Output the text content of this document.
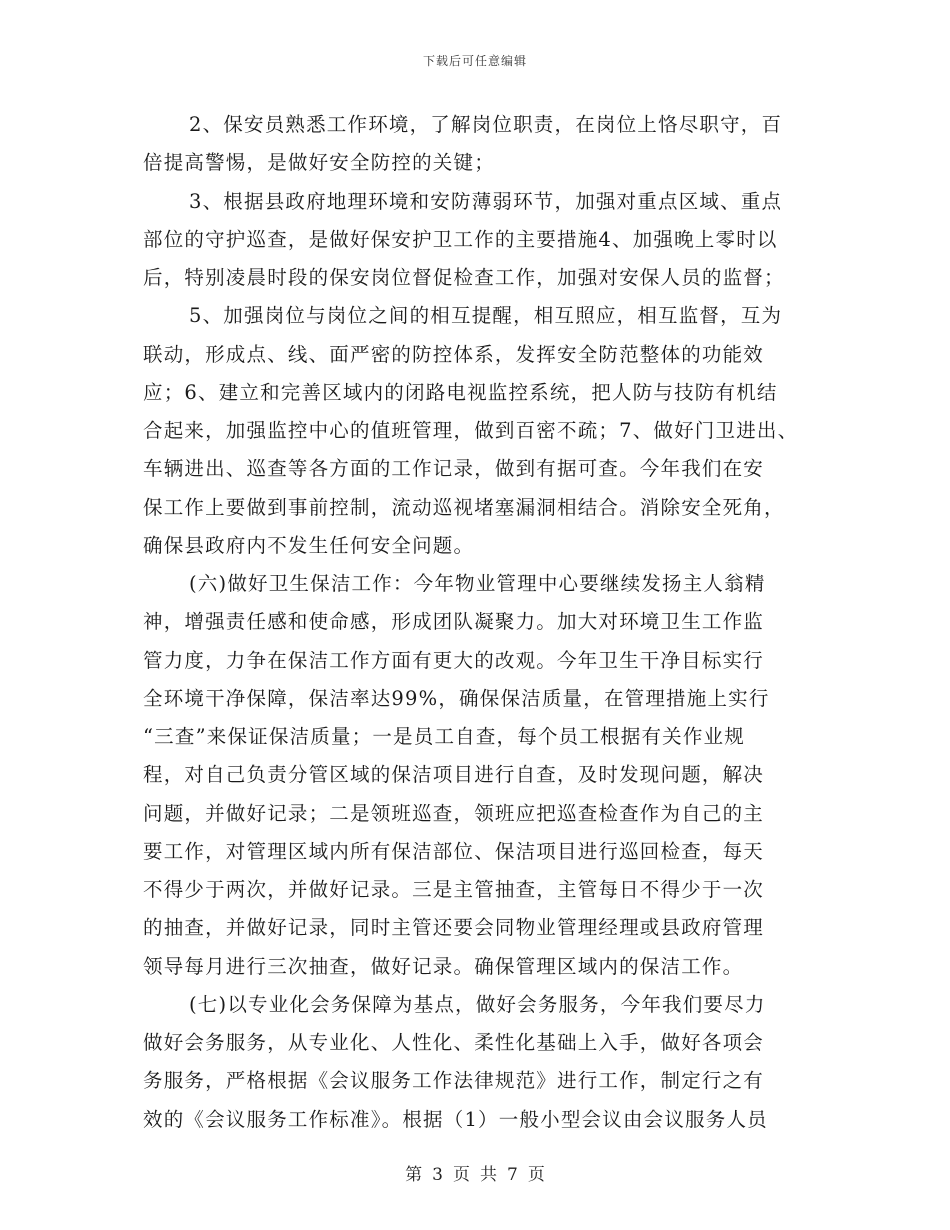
下载后可任意编辑
2、保安员熟悉工作环境，了解岗位职责，在岗位上恪尽职守，百
倍提高警惕，是做好安全防控的关键；
3、根据县政府地理环境和安防薄弱环节，加强对重点区域、重点
部位的守护巡查，是做好保安护卫工作的主要措施4、加强晚上零时以
后，特别凌晨时段的保安岗位督促检查工作，加强对安保人员的监督；
5、加强岗位与岗位之间的相互提醒，相互照应，相互监督，互为
联动，形成点、线、面严密的防控体系，发挥安全防范整体的功能效
应；6、建立和完善区域内的闭路电视监控系统，把人防与技防有机结
合起来，加强监控中心的值班管理，做到百密不疏；7、做好门卫进出、
车辆进出、巡查等各方面的工作记录，做到有据可查。今年我们在安
保工作上要做到事前控制，流动巡视堵塞漏洞相结合。消除安全死角，
确保县政府内不发生任何安全问题。
(六)做好卫生保洁工作：今年物业管理中心要继续发扬主人翁精
神，增强责任感和使命感，形成团队凝聚力。加大对环境卫生工作监
管力度，力争在保洁工作方面有更大的改观。今年卫生干净目标实行
全环境干净保障，保洁率达99%，确保保洁质量，在管理措施上实行
“三查”来保证保洁质量；一是员工自查，每个员工根据有关作业规
程，对自己负责分管区域的保洁项目进行自查，及时发现问题，解决
问题，并做好记录；二是领班巡查，领班应把巡查检查作为自己的主
要工作，对管理区域内所有保洁部位、保洁项目进行巡回检查，每天
不得少于两次，并做好记录。三是主管抽查，主管每日不得少于一次
的抽查，并做好记录，同时主管还要会同物业管理经理或县政府管理
领导每月进行三次抽查，做好记录。确保管理区域内的保洁工作。
(七)以专业化会务保障为基点，做好会务服务，今年我们要尽力
做好会务服务，从专业化、人性化、柔性化基础上入手，做好各项会
务服务，严格根据《会议服务工作法律规范》进行工作，制定行之有
效的《会议服务工作标准》。根据（1）一般小型会议由会议服务人员
第 3 页 共 7 页
